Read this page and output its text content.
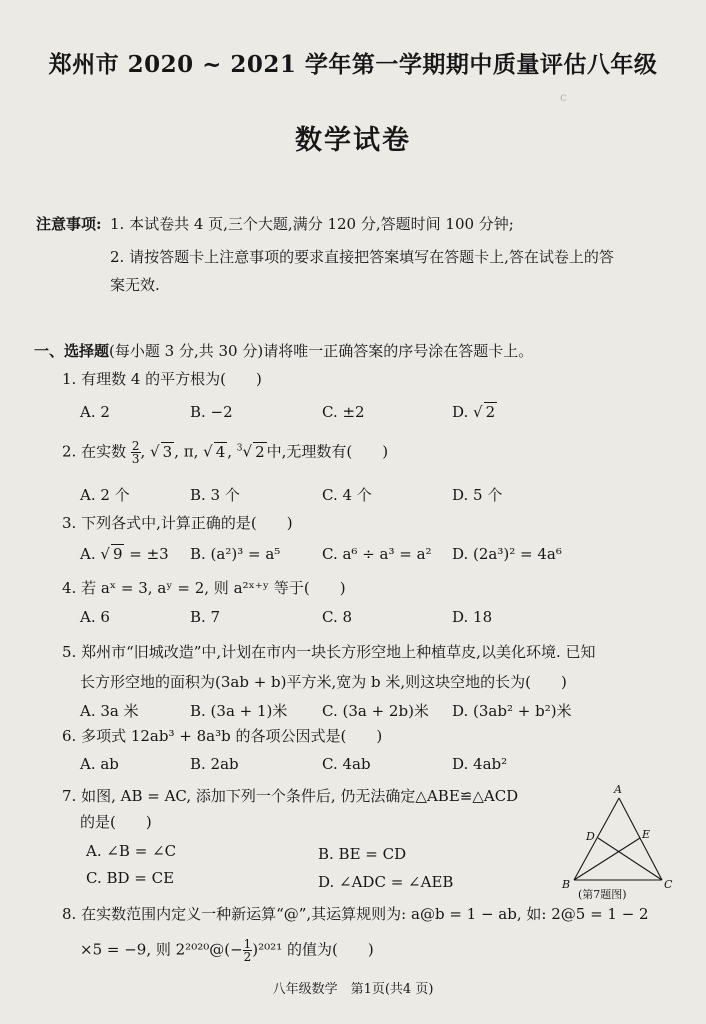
ⅽ
郑州市 2020 ~ 2021 学年第一学期期中质量评估八年级
数学试卷
注意事项: 1. 本试卷共 4 页,三个大题,满分 120 分,答题时间 100 分钟;
2. 请按答题卡上注意事项的要求直接把答案填写在答题卡上,答在试卷上的答
案无效.
一、选择题(每小题 3 分,共 30 分)请将唯一正确答案的序号涂在答题卡上。
1. 有理数 4 的平方根为(　　)
A. 2	B. −2	C. ±2	D. √ 2
2. 在实数 $\frac{2}{3}$ , √ 3 , π, √ 4 , $^3$√ 2 中,无理数有(　　)
A. 2 个	B. 3 个	C. 4 个	D. 5 个
3. 下列各式中,计算正确的是(　　)
A. √ 9 = ±3 B. (a²)³ = a⁵	C. a⁶ ÷ a³ = a² D. (2a³)² = 4a⁶
4. 若 aˣ = 3, aʸ = 2, 则 a²ˣ⁺ʸ 等于(　　)
A. 6	B. 7	C. 8	D. 18
5. 郑州市“旧城改造”中,计划在市内一块长方形空地上种植草皮,以美化环境. 已知
长方形空地的面积为(3ab + b)平方米,宽为 b 米,则这块空地的长为(　　)
A. 3a 米	B. (3a + 1)米 C. (3a + 2b)米 D. (3ab² + b²)米
6. 多项式 12ab³ + 8a³b 的各项公因式是(　　)
A. ab	B. 2ab	C. 4ab	D. 4ab²
7. 如图, AB = AC, 添加下列一个条件后, 仍无法确定△ABE≌△ACD
的是(　　)
A. ∠B = ∠C	B. BE = CD
C. BD = CE	D. ∠ADC = ∠AEB
A
B	C
D	E
(第7题图)
8. 在实数范围内定义一种新运算“@”,其运算规则为: a@b = 1 − ab, 如: 2@5 = 1 − 2
×5 = −9, 则 2²⁰²⁰@(− $\frac{1}{2} )^{2021}$ 的值为(　　)
八年级数学　第1页(共4 页)
